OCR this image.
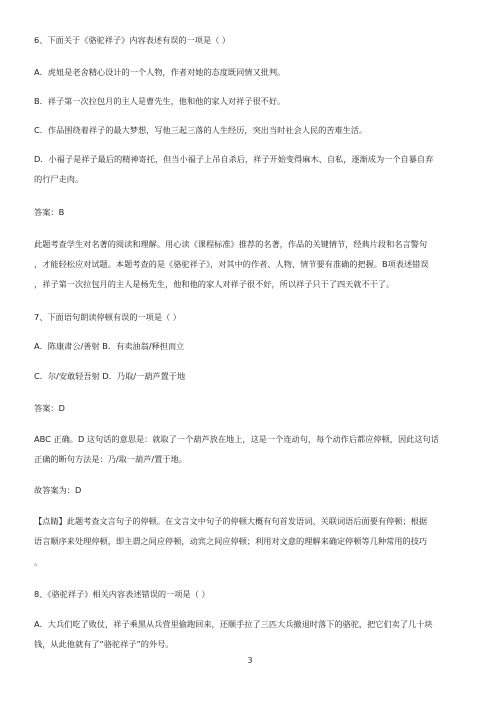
6、下面关于《骆驼祥子》内容表述有误的一项是（ ）
A．虎妞是老舍精心设计的一个人物，作者对她的态度既同情又批判。
B．祥子第一次拉包月的主人是曹先生，他和他的家人对祥子很不好。
C．作品围绕着祥子的最大梦想，写他三起三落的人生经历，突出当时社会人民的苦难生活。
D．小福子是祥子最后的精神寄托，但当小福子上吊自杀后，祥子开始变得麻木、自私，逐渐成为一个自暴自弃
的行尸走肉。
答案：B
此题考查学生对名著的阅读和理解。用心读《课程标准》推荐的名著，作品的关键情节，经典片段和名言警句
，才能轻松应对试题。本题考查的是《骆驼祥子》，对其中的作者、人物、情节要有准确的把握。B项表述错误
，祥子第一次拉包月的主人是杨先生，他和他的家人对祥子很不好，所以祥子只干了四天就不干了。
7、下面语句朗读停顿有误的一项是（ ）
A．陈康肃公/善射 B．有卖油翁/释担而立
C．尔/安敢轻吾射 D．乃取/一葫芦置于地
答案：D
ABC 正确。D 这句话的意思是：就取了一个葫芦放在地上，这是一个连动句，每个动作后都应停顿，因此这句话
正确的断句方法是：乃/取一葫芦/置于地。
故答案为：D
【点睛】此题考查文言句子的停顿。在文言文中句子的停顿大概有句首发语词、关联词语后面要有停顿；根据
语言顺序来处理停顿，即主谓之间应停顿，动宾之间应停顿；利用对文意的理解来确定停顿等几种常用的技巧
。
8、《骆驼祥子》相关内容表述错误的一项是（ ）
A．大兵们吃了败仗，祥子乘黑从兵营里偷跑回来，还顺手拉了三匹大兵撤退时落下的骆驼，把它们卖了几十块
钱，从此他就有了“骆驼祥子”的外号。
3
